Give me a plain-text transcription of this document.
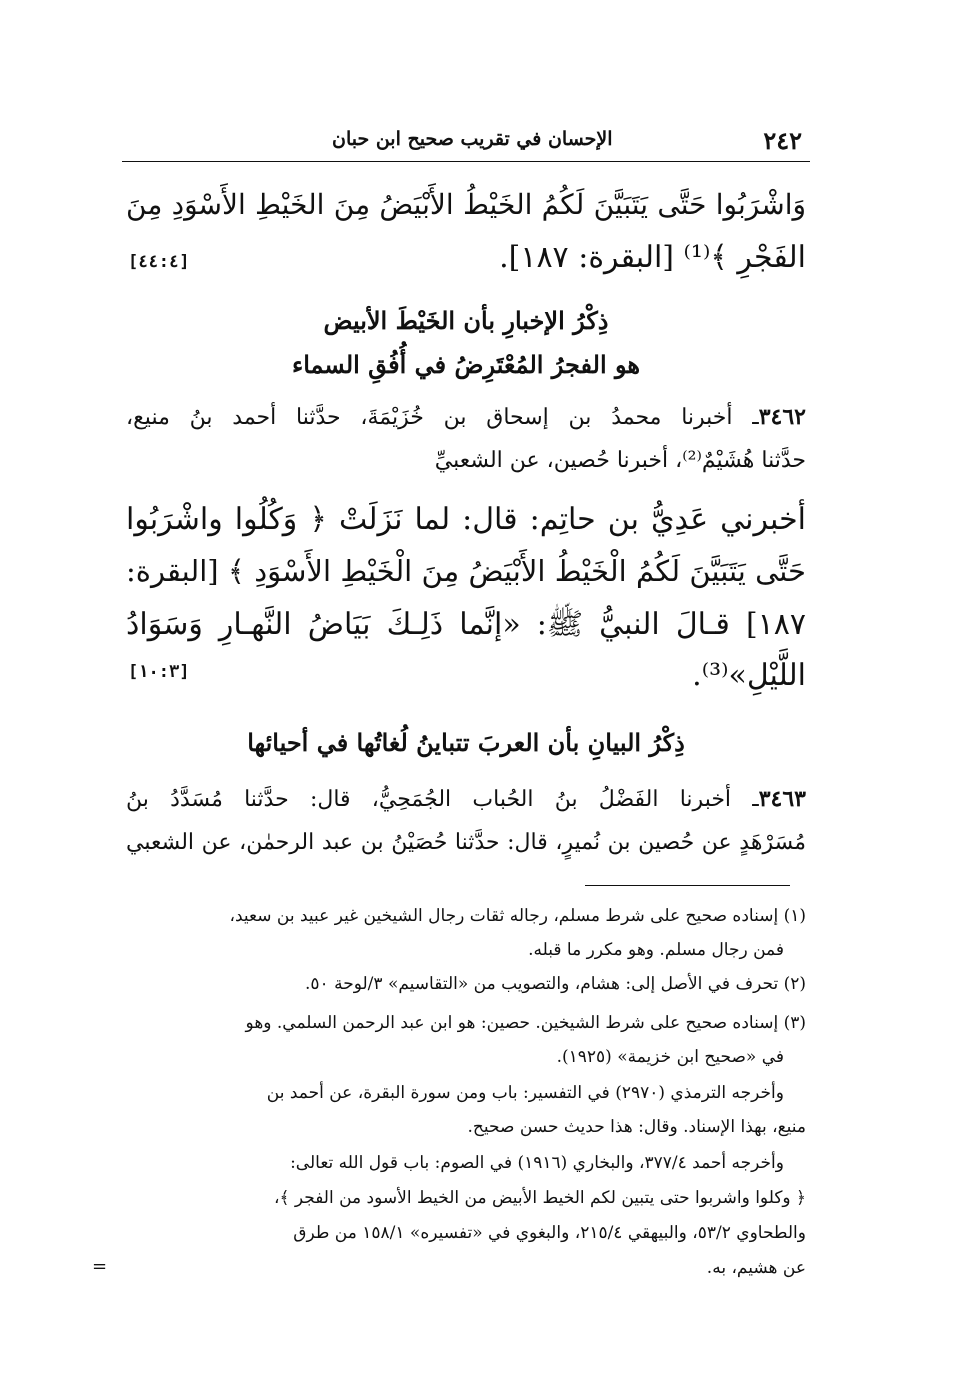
٢٤٢
الإحسان في تقريب صحيح ابن حبان
وَاشْرَبُوا حَتَّى يَتَبَيَّنَ لَكُمُ الخَيْطُ الأَبْيَضُ مِنَ الخَيْطِ الأَسْوَدِ مِنَ
الفَجْرِ ﴾⁽¹⁾ [البقرة: ١٨٧].
[٤٤:٤]
ذِكْرُ الإخبارِ بأن الخَيْطَ الأبيض
هو الفجرُ المُعْتَرِضُ في أُفُقِ السماء
٣٤٦٢ـ أخبرنا محمدُ بن إسحاق بن خُزَيْمَةَ، حدَّثنا أحمد بنُ منيع،
حدَّثنا هُشَيْمٌ⁽²⁾، أخبرنا حُصين، عن الشعبيِّ
أخبرني عَدِيُّ بن حاتِم: قال: لما نَزَلَتْ ﴿ وَكُلُوا واشْرَبُوا
حَتَّى يَتَبَيَّنَ لَكُمُ الْخَيْطُ الأَبْيَضُ مِنَ الْخَيْطِ الأَسْوَدِ ﴾ [البقرة:
١٨٧] قـالَ النبيُّ ﷺ: «إنَّما ذَلِـكَ بَيَاضُ النَّهـارِ وَسَوَادُ
اللَّيْلِ»⁽³⁾.
[١٠:٣]
ذِكْرُ البيانِ بأن العربَ تتباينُ لُغاتُها في أحيائها
٣٤٦٣ـ أخبرنا الفَضْلُ بنُ الحُباب الجُمَحِيُّ، قال: حدَّثنا مُسَدَّدُ بنُ
مُسَرْهَدٍ عن حُصين بن نُميرٍ، قال: حدَّثنا حُصَيْنُ بن عبد الرحمٰن، عن الشعبي
(١) إسناده صحيح على شرط مسلم، رجاله ثقات رجال الشيخين غير عبيد بن سعيد،
فمن رجال مسلم. وهو مكرر ما قبله.
(٢) تحرف في الأصل إلى: هشام، والتصويب من «التقاسيم» ٣/لوحة ٥٠.
(٣) إسناده صحيح على شرط الشيخين. حصين: هو ابن عبد الرحمن السلمي. وهو
في «صحيح ابن خزيمة» (١٩٢٥).
وأخرجه الترمذي (٢٩٧٠) في التفسير: باب ومن سورة البقرة، عن أحمد بن
منيع، بهذا الإسناد. وقال: هذا حديث حسن صحيح.
وأخرجه أحمد ٣٧٧/٤، والبخاري (١٩١٦) في الصوم: باب قول الله تعالى:
﴿ وكلوا واشربوا حتى يتبين لكم الخيط الأبيض من الخيط الأسود من الفجر ﴾،
والطحاوي ٥٣/٢، والبيهقي ٢١٥/٤، والبغوي في «تفسيره» ١٥٨/١ من طرق
عن هشيم، به.
=
